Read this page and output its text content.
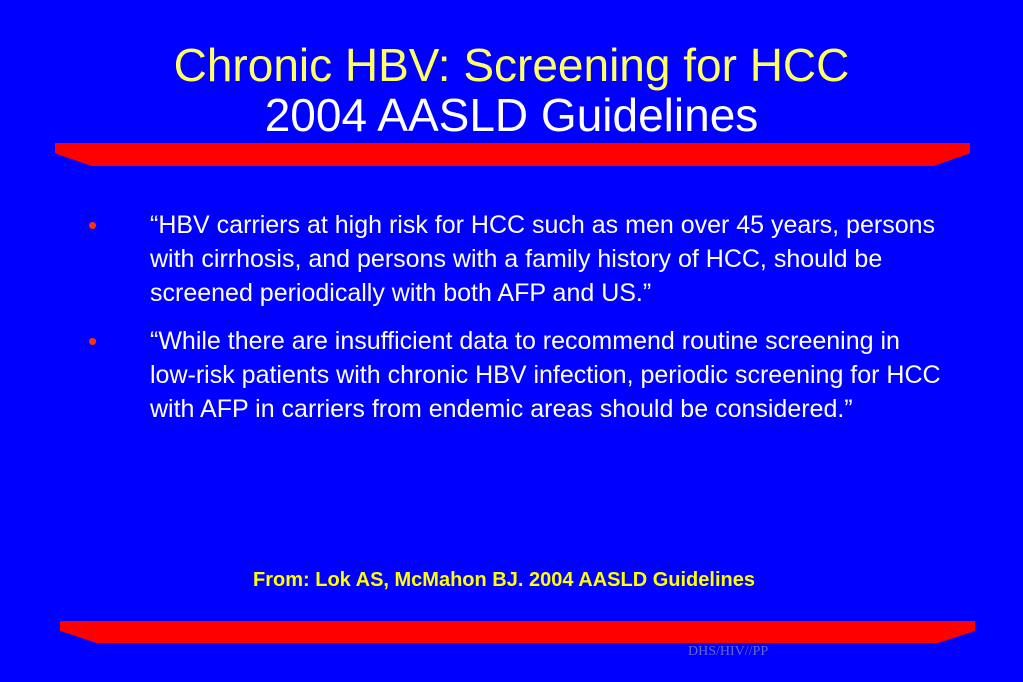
Chronic HBV: Screening for HCC
2004 AASLD Guidelines
•	“HBV carriers at high risk for HCC such as men over 45 years, persons with cirrhosis, and persons with a family history of HCC, should be screened periodically with both AFP and US.”
•	“While there are insufficient data to recommend routine screening in low-risk patients with chronic HBV infection, periodic screening for HCC with AFP in carriers from endemic areas should be considered.”
From: Lok AS, McMahon BJ. 2004 AASLD Guidelines
DHS/HIV//PP
